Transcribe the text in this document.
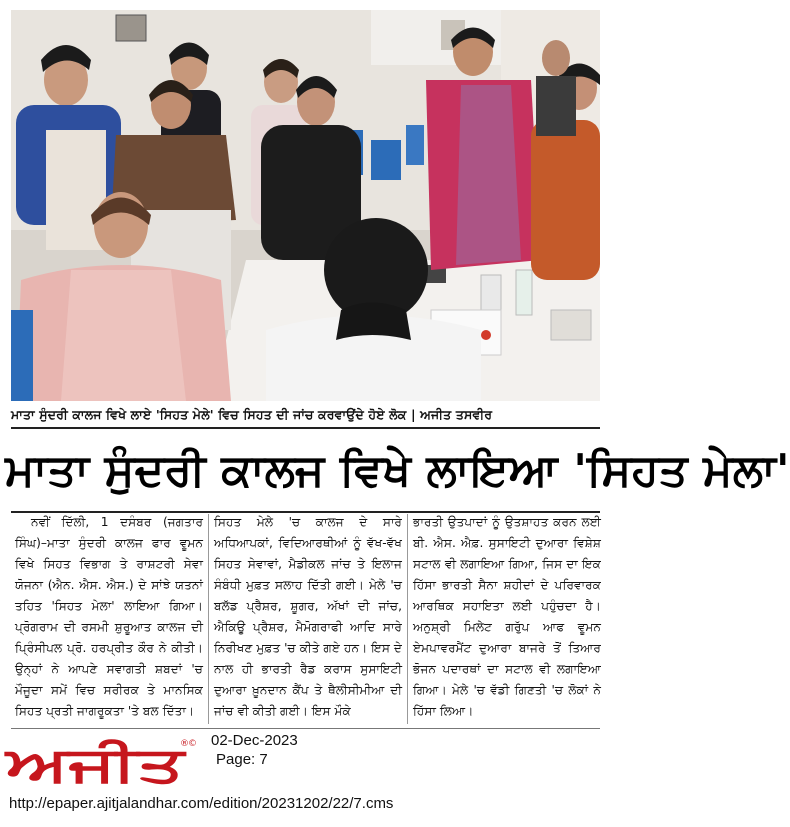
ਮਾਤਾ ਸੁੰਦਰੀ ਕਾਲਜ ਵਿਖੇ ਲਾਏ 'ਸਿਹਤ ਮੇਲੇ' ਵਿਚ ਸਿਹਤ ਦੀ ਜਾਂਚ ਕਰਵਾਉਂਦੇ ਹੋਏ ਲੋਕ | ਅਜੀਤ ਤਸਵੀਰ
ਮਾਤਾ ਸੁੰਦਰੀ ਕਾਲਜ ਵਿਖੇ ਲਾਇਆ 'ਸਿਹਤ ਮੇਲਾ'
ਨਵੀਂ ਦਿੱਲੀ, 1 ਦਸੰਬਰ (ਜਗਤਾਰ ਸਿੰਘ)–ਮਾਤਾ ਸੁੰਦਰੀ ਕਾਲਜ ਫਾਰ ਵੂਮਨ ਵਿਖੇ ਸਿਹਤ ਵਿਭਾਗ ਤੇ ਰਾਸ਼ਟਰੀ ਸੇਵਾ ਯੋਜਨਾ (ਐਨ. ਐਸ. ਐਸ.) ਦੇ ਸਾਂਝੇ ਯਤਨਾਂ ਤਹਿਤ 'ਸਿਹਤ ਮੇਲਾ' ਲਾਇਆ ਗਿਆ। ਪ੍ਰੋਗਰਾਮ ਦੀ ਰਸਮੀ ਸ਼ੁਰੂਆਤ ਕਾਲਜ ਦੀ ਪ੍ਰਿੰਸੀਪਲ ਪ੍ਰੋ. ਹਰਪ੍ਰੀਤ ਕੌਰ ਨੇ ਕੀਤੀ। ਉਨ੍ਹਾਂ ਨੇ ਆਪਣੇ ਸਵਾਗਤੀ ਸ਼ਬਦਾਂ 'ਚ ਮੌਜੂਦਾ ਸਮੇਂ ਵਿਚ ਸਰੀਰਕ ਤੇ ਮਾਨਸਿਕ ਸਿਹਤ ਪ੍ਰਤੀ ਜਾਗਰੂਕਤਾ 'ਤੇ ਬਲ ਦਿੱਤਾ।
ਸਿਹਤ ਮੇਲੇ 'ਚ ਕਾਲਜ ਦੇ ਸਾਰੇ ਅਧਿਆਪਕਾਂ, ਵਿਦਿਆਰਥੀਆਂ ਨੂੰ ਵੱਖ-ਵੱਖ ਸਿਹਤ ਸੇਵਾਵਾਂ, ਮੈਡੀਕਲ ਜਾਂਚ ਤੇ ਇਲਾਜ ਸੰਬੰਧੀ ਮੁਫ਼ਤ ਸਲਾਹ ਦਿੱਤੀ ਗਈ। ਮੇਲੇ 'ਚ ਬਲੱਡ ਪ੍ਰੈਸ਼ਰ, ਸ਼ੂਗਰ, ਅੱਖਾਂ ਦੀ ਜਾਂਚ, ਐਕਿਊ ਪ੍ਰੈਸ਼ਰ, ਮੈਮੋਗਰਾਫੀ ਆਦਿ ਸਾਰੇ ਨਿਰੀਖਣ ਮੁਫ਼ਤ 'ਚ ਕੀਤੇ ਗਏ ਹਨ। ਇਸ ਦੇ ਨਾਲ ਹੀ ਭਾਰਤੀ ਰੈਡ ਕਰਾਸ ਸੁਸਾਇਟੀ ਦੁਆਰਾ ਖ਼ੂਨਦਾਨ ਕੈਂਪ ਤੇ ਥੈਲੀਸੀਮੀਆ ਦੀ ਜਾਂਚ ਵੀ ਕੀਤੀ ਗਈ। ਇਸ ਮੌਕੇ
ਭਾਰਤੀ ਉਤਪਾਦਾਂ ਨੂੰ ਉਤਸ਼ਾਹਤ ਕਰਨ ਲਈ ਬੀ. ਐਸ. ਐਫ਼. ਸੁਸਾਇਟੀ ਦੁਆਰਾ ਵਿਸ਼ੇਸ਼ ਸਟਾਲ ਵੀ ਲਗਾਇਆ ਗਿਆ, ਜਿਸ ਦਾ ਇਕ ਹਿੱਸਾ ਭਾਰਤੀ ਸੈਨਾ ਸ਼ਹੀਦਾਂ ਦੇ ਪਰਿਵਾਰਕ ਆਰਥਿਕ ਸਹਾਇਤਾ ਲਈ ਪਹੁੰਚਦਾ ਹੈ। ਅਨੁਸ਼੍ਰੀ ਮਿਲੇਟ ਗਰੁੱਪ ਆਫ ਵੂਮਨ ਏਮਪਾਵਰਮੈਂਟ ਦੁਆਰਾ ਬਾਜਰੇ ਤੋਂ ਤਿਆਰ ਭੋਜਨ ਪਦਾਰਥਾਂ ਦਾ ਸਟਾਲ ਵੀ ਲਗਾਇਆ ਗਿਆ। ਮੇਲੇ 'ਚ ਵੱਡੀ ਗਿਣਤੀ 'ਚ ਲੋਕਾਂ ਨੇ ਹਿੱਸਾ ਲਿਆ।
ਅਜੀਤ
® © 02-Dec-2023
Page: 7
http://epaper.ajitjalandhar.com/edition/20231202/22/7.cms
